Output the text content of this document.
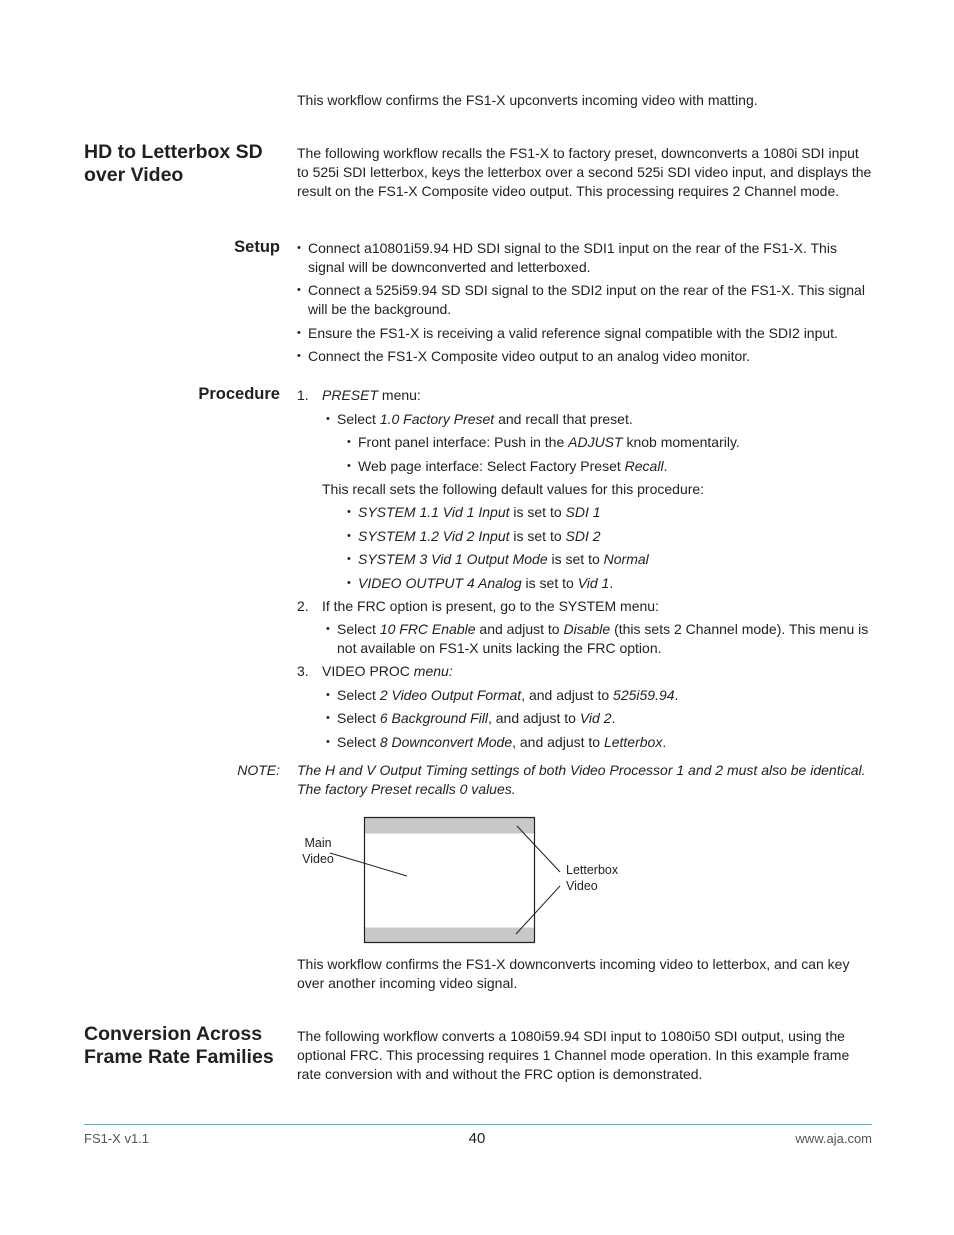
This workflow confirms the FS1-X upconverts incoming video with matting.
HD to Letterbox SD over Video
The following workflow recalls the FS1-X to factory preset, downconverts a 1080i SDI input to 525i SDI letterbox, keys the letterbox over a second 525i SDI video input, and displays the result on the FS1-X Composite video output. This processing requires 2 Channel mode.
Setup
•	Connect a10801i59.94 HD SDI signal to the SDI1 input on the rear of the FS1-X. This signal will be downconverted and letterboxed.
• Connect a 525i59.94 SD SDI signal to the SDI2 input on the rear of the FS1-X. This signal will be the background.
• Ensure the FS1-X is receiving a valid reference signal compatible with the SDI2 input.
• Connect the FS1-X Composite video output to an analog video monitor.
Procedure 1. PRESET menu:
• Select 1.0 Factory Preset and recall that preset.
• Front panel interface: Push in the ADJUST knob momentarily.
• Web page interface: Select Factory Preset Recall.
This recall sets the following default values for this procedure:
• SYSTEM 1.1 Vid 1 Input is set to SDI 1
• SYSTEM 1.2 Vid 2 Input is set to SDI 2
• SYSTEM 3 Vid 1 Output Mode is set to Normal
• VIDEO OUTPUT 4 Analog is set to Vid 1.
2. If the FRC option is present, go to the SYSTEM menu:
• Select 10 FRC Enable and adjust to Disable (this sets 2 Channel mode). This menu is not available on FS1-X units lacking the FRC option.
3. VIDEO PROC menu:
• Select 2 Video Output Format, and adjust to 525i59.94.
• Select 6 Background Fill, and adjust to Vid 2.
• Select 8 Downconvert Mode, and adjust to Letterbox.
NOTE: The H and V Output Timing settings of both Video Processor 1 and 2 must also be identical. The factory Preset recalls 0 values.
Main
Video
Letterbox
Video
This workflow confirms the FS1-X downconverts incoming video to letterbox, and can key over another incoming video signal.
Conversion Across Frame Rate Families
The following workflow converts a 1080i59.94 SDI input to 1080i50 SDI output, using the optional FRC. This processing requires 1 Channel mode operation. In this example frame rate conversion with and without the FRC option is demonstrated.
FS1-X v1.1	40	www.aja.com
